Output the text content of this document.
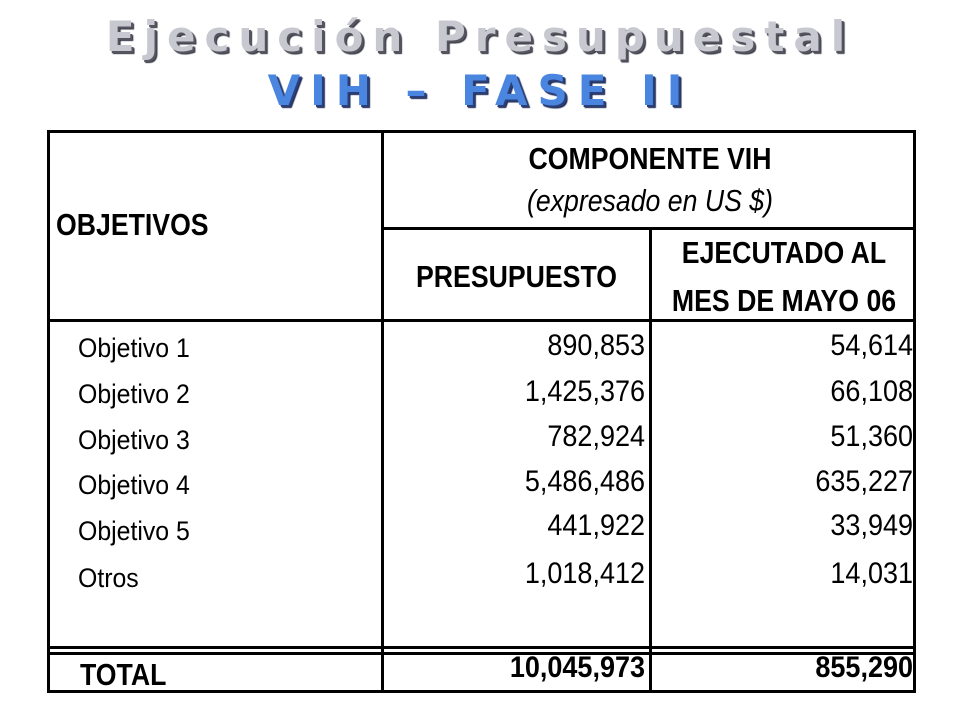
Ejecución Presupuestal
VIH – FASE II
OBJETIVOS
COMPONENTE VIH
(expresado en US $)
PRESUPUESTO
EJECUTADO AL
MES DE MAYO 06
Objetivo 1	890,853	54,614
Objetivo 2	1,425,376	66,108
Objetivo 3	782,924	51,360
Objetivo 4	5,486,486	635,227
Objetivo 5	441,922	33,949
Otros	1,018,412	14,031
TOTAL	10,045,973	855,290
